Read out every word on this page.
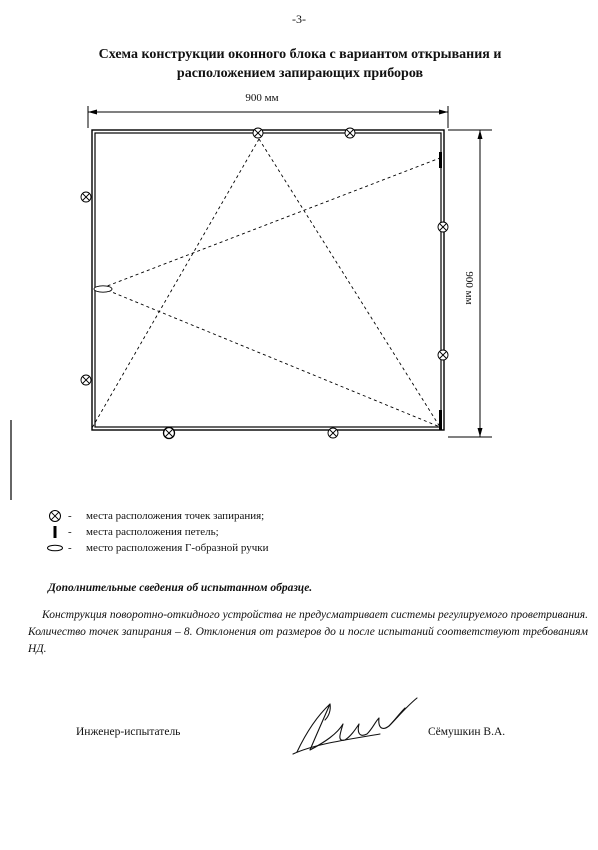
-3-
Схема конструкции оконного блока с вариантом открывания и
расположением запирающих приборов
900 мм
900 мм
-	места расположения точек запирания;
-	места расположения петель;
-	место расположения Г-образной ручки
Дополнительные сведения об испытанном образце.
Конструкция поворотно-откидного устройства не предусматривает системы регулируемого проветривания. Количество точек запирания – 8. Отклонения от размеров до и после испытаний соответствуют требованиям НД.
Инженер-испытатель	Сёмушкин В.А.
